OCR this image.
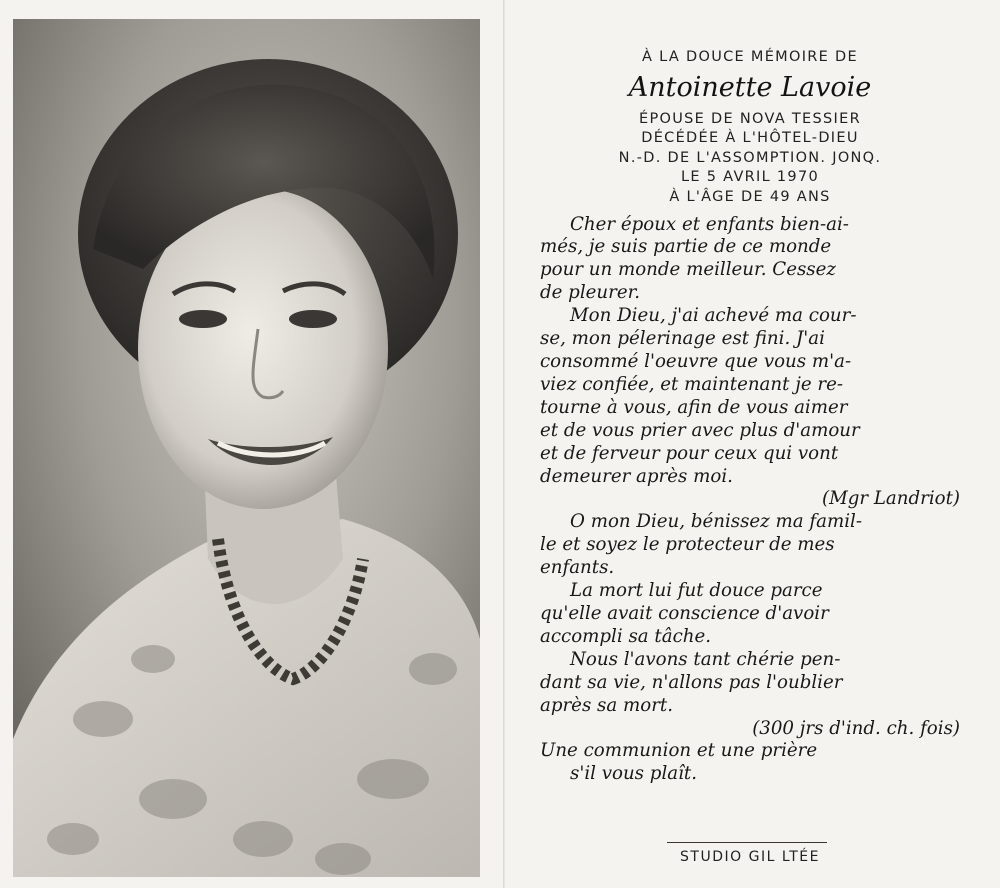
À LA DOUCE MÉMOIRE DE
Antoinette Lavoie
ÉPOUSE DE NOVA TESSIER
DÉCÉDÉE À L'HÔTEL-DIEU
N.-D. DE L'ASSOMPTION. JONQ.
LE 5 AVRIL 1970
À L'ÂGE DE 49 ANS

Cher époux et enfants bien-ai-

més, je suis partie de ce monde

pour un monde meilleur. Cessez

de pleurer.

Mon Dieu, j'ai achevé ma cour-

se, mon pélerinage est fini. J'ai

consommé l'oeuvre que vous m'a-

viez confiée, et maintenant je re-

tourne à vous, afin de vous aimer

et de vous prier avec plus d'amour

et de ferveur pour ceux qui vont

demeurer après moi.

(Mgr Landriot)

O mon Dieu, bénissez ma famil-

le et soyez le protecteur de mes

enfants.

La mort lui fut douce parce

qu'elle avait conscience d'avoir

accompli sa tâche.

Nous l'avons tant chérie pen-

dant sa vie, n'allons pas l'oublier

après sa mort.

(300 jrs d'ind. ch. fois)

Une communion et une prière

s'il vous plaît.

STUDIO GIL LTÉE
